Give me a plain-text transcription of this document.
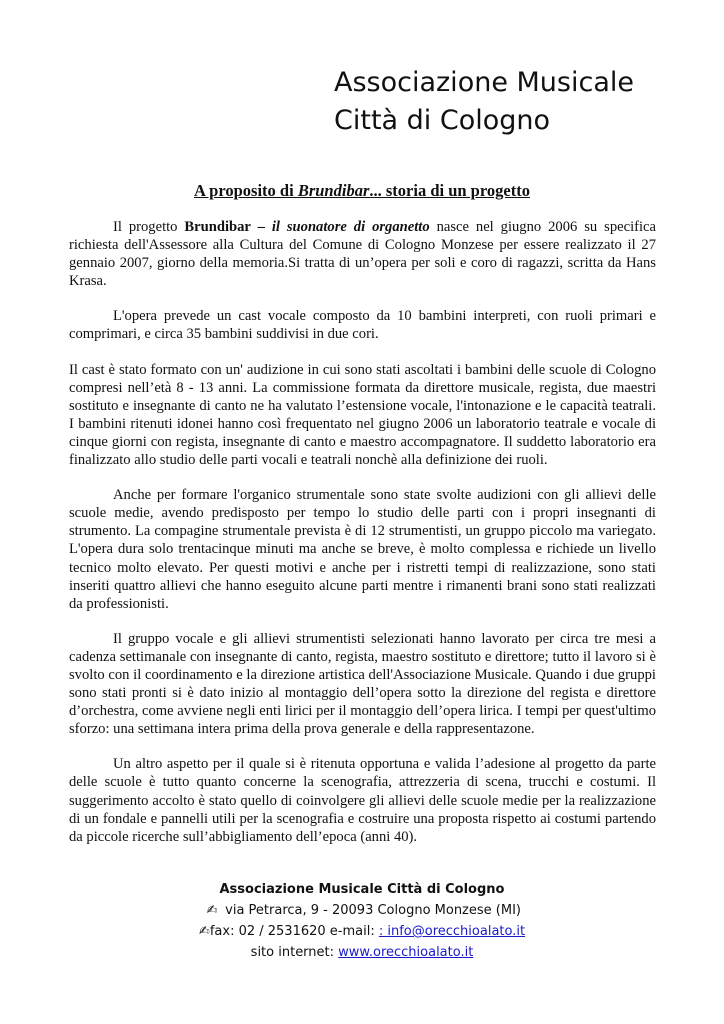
Associazione Musicale
Città di Cologno
A proposito di Brundibar... storia di un progetto

Il progetto Brundibar – il suonatore di organetto nasce nel giugno 2006 su specifica richiesta dell'Assessore alla Cultura del Comune di Cologno Monzese per essere realizzato il 27 gennaio 2007, giorno della memoria.Si tratta di un’opera per soli e coro di ragazzi, scritta da Hans Krasa.

L'opera prevede un cast vocale composto da 10 bambini interpreti, con ruoli primari e comprimari, e circa 35 bambini suddivisi in due cori.

Il cast è stato formato con un' audizione in cui sono stati ascoltati i bambini delle scuole di Cologno compresi nell’età 8 - 13 anni. La commissione formata da direttore musicale, regista, due maestri sostituto e insegnante di canto ne ha valutato l’estensione vocale, l'intonazione e le capacità teatrali. I bambini ritenuti idonei hanno così frequentato nel giugno 2006 un laboratorio teatrale e vocale di cinque giorni con regista, insegnante di canto e maestro accompagnatore. Il suddetto laboratorio era finalizzato allo studio delle parti vocali e teatrali nonchè alla definizione dei ruoli.

Anche per formare l'organico strumentale sono state svolte audizioni con gli allievi delle scuole medie, avendo predisposto per tempo lo studio delle parti con i propri insegnanti di strumento. La compagine strumentale prevista è di 12 strumentisti, un gruppo piccolo ma variegato. L'opera dura solo trentacinque minuti ma anche se breve, è molto complessa e richiede un livello tecnico molto elevato. Per questi motivi e anche per i ristretti tempi di realizzazione, sono stati inseriti quattro allievi che hanno eseguito alcune parti mentre i rimanenti brani sono stati realizzati da professionisti.

Il gruppo vocale e gli allievi strumentisti selezionati hanno lavorato per circa tre mesi a cadenza settimanale con insegnante di canto, regista, maestro sostituto e direttore; tutto il lavoro si è svolto con il coordinamento e la direzione artistica dell'Associazione Musicale. Quando i due gruppi sono stati pronti si è dato inizio al montaggio dell’opera sotto la direzione del regista e direttore d’orchestra, come avviene negli enti lirici per il montaggio dell’opera lirica. I tempi per quest'ultimo sforzo: una settimana intera prima della prova generale e della rappresentazone.

Un altro aspetto per il quale si è ritenuta opportuna e valida l’adesione al progetto da parte delle scuole è tutto quanto concerne la scenografia, attrezzeria di scena, trucchi e costumi. Il suggerimento accolto è stato quello di coinvolgere gli allievi delle scuole medie per la realizzazione di un fondale e pannelli utili per la scenografia e costruire una proposta rispetto ai costumi partendo da piccole ricerche sull’abbigliamento dell’epoca (anni 40).

Associazione Musicale Città di Cologno
✍ via Petrarca, 9 - 20093 Cologno Monzese (MI)
✍fax: 02 / 2531620 e-mail: : info@orecchioalato.it
sito internet: www.orecchioalato.it
